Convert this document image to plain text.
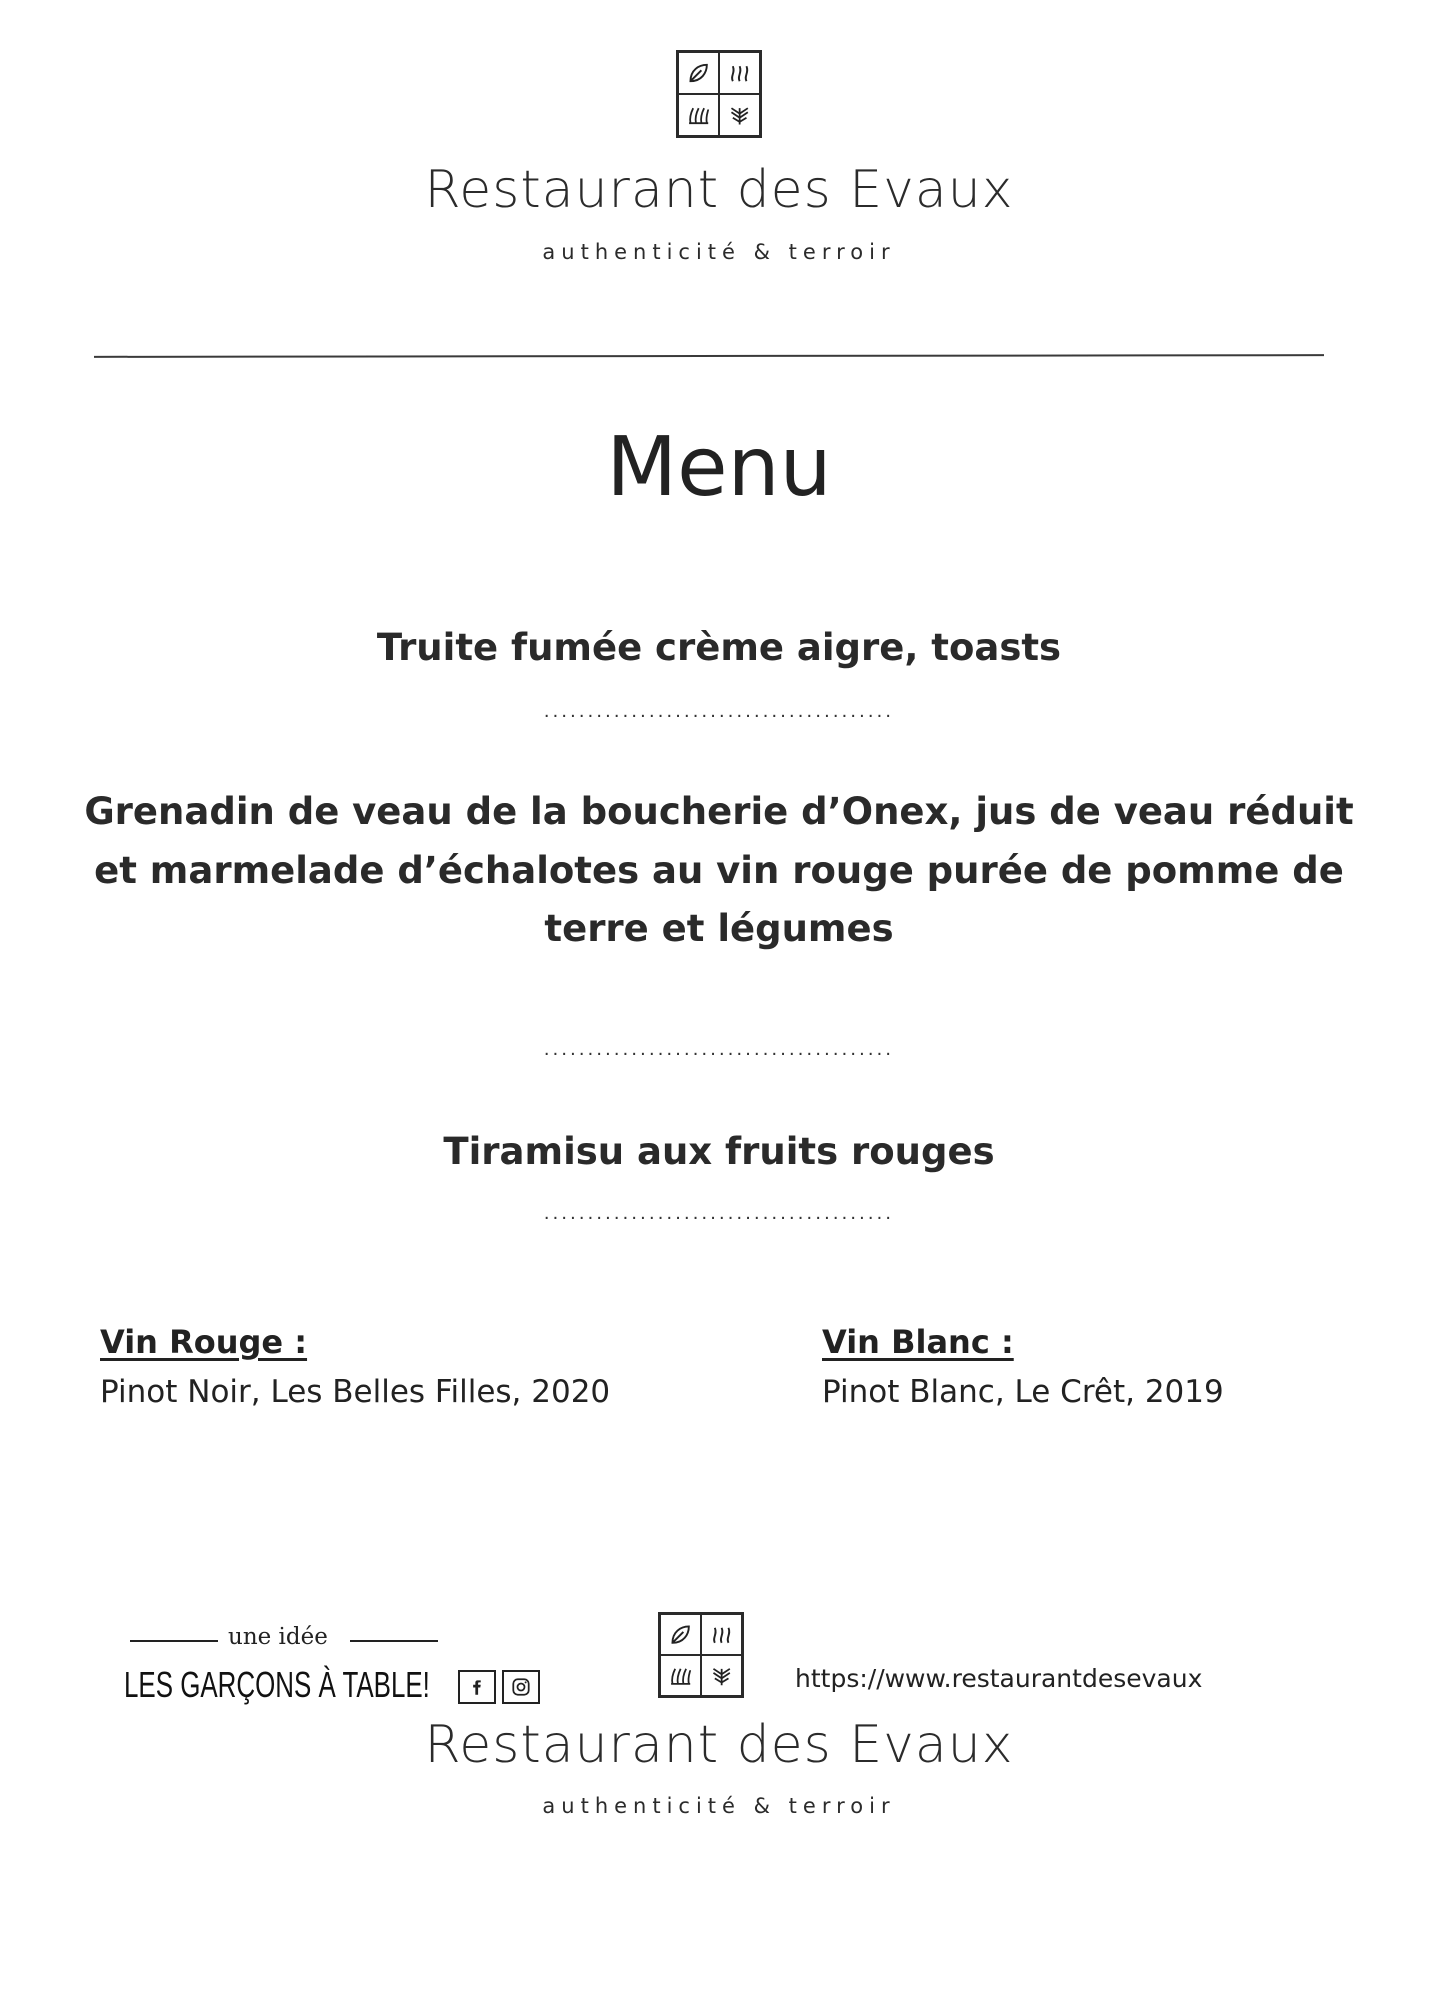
Restaurant des Evaux
authenticité & terroir
Menu
Truite fumée crème aigre, toasts
........................................
Grenadin de veau de la boucherie d’Onex, jus de veau réduit
et marmelade d’échalotes au vin rouge purée de pomme de
terre et légumes
........................................
Tiramisu aux fruits rouges
........................................
Vin Rouge :
Pinot Noir, Les Belles Filles, 2020
Vin Blanc :
Pinot Blanc, Le Crêt, 2019
une idée
LES GARÇONS À TABLE!	https://www.restaurantdesevaux
Restaurant des Evaux
authenticité & terroir
